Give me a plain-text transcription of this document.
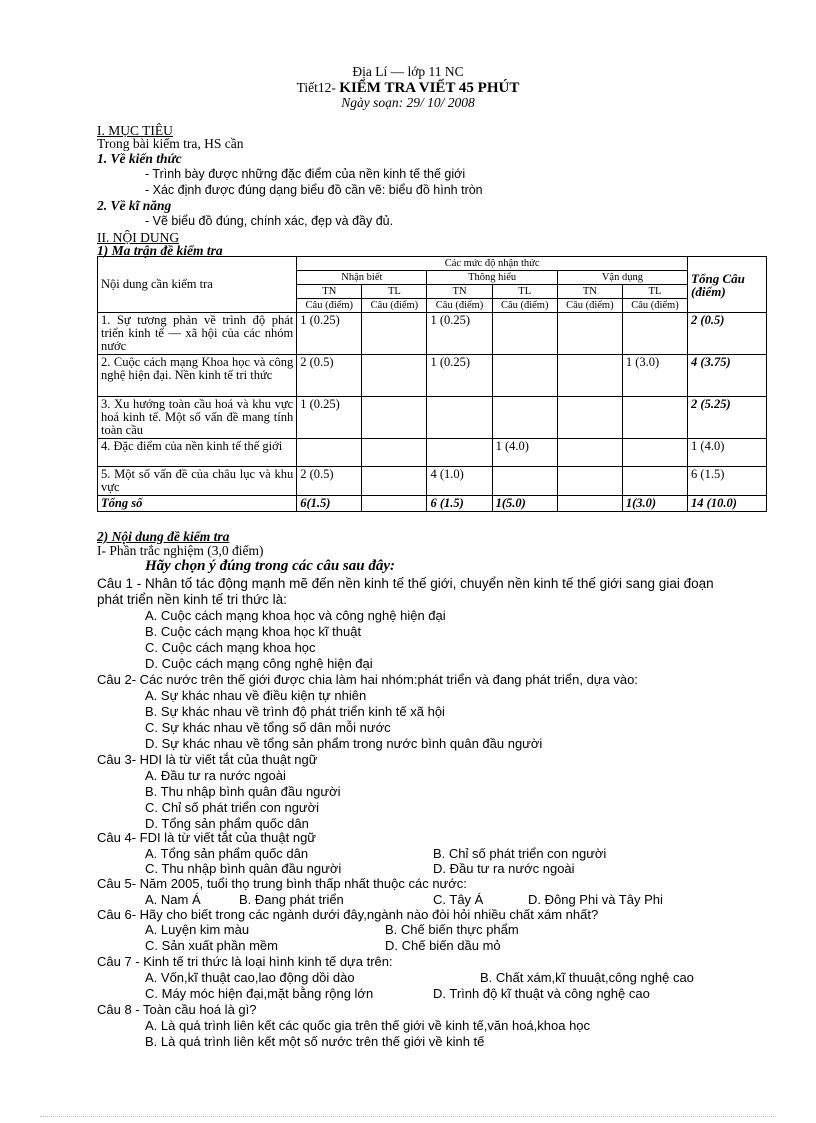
Địa Lí — lớp 11 NC
Tiết12- KIỂM TRA VIẾT 45 PHÚT
Ngày soạn: 29/ 10/ 2008
I. MỤC TIÊU
Trong bài kiểm tra, HS cần
1. Về kiến thức
- Trình bày được những đặc điểm của nền kinh tế thế giới
- Xác định được đúng dạng biểu đồ cần vẽ: biểu đồ hình tròn
2. Về kĩ năng
- Vẽ biểu đồ đúng, chính xác, đẹp và đầy đủ.
II. NỘI DUNG
1) Ma trận đề kiểm tra
Nội dung cần kiểm tra	Các mức độ nhận thức						Tổng Câu (điểm)
	Nhận biết		Thông hiểu		Vận dụng		
	TN	TL	TN	TL	TN	TL	
	Câu (điểm)	Câu (điểm)	Câu (điểm)	Câu (điểm)	Câu (điểm)	Câu (điểm)	
1. Sự tương phản về trình độ phát triển kinh tế — xã hội của các nhóm nước	1 (0.25)		1 (0.25)				2 (0.5)
2. Cuộc cách mạng Khoa học và công nghệ hiện đại. Nền kinh tế tri thức	2 (0.5)		1 (0.25)			1 (3.0)	4 (3.75)
3. Xu hướng toàn cầu hoá và khu vực hoá kinh tế. Một số vấn đề mang tính toàn cầu	1 (0.25)						2 (5.25)
4. Đặc điểm của nền kinh tế thế giới				1 (4.0)			1 (4.0)
5. Một số vấn đề của châu lục và khu vực	2 (0.5)		4 (1.0)				6 (1.5)
Tổng số	6(1.5)		6 (1.5)	1(5.0)		1(3.0)	14 (10.0)
2) Nội dung đề kiểm tra
I- Phần trắc nghiệm (3,0 điểm)
Hãy chọn ý đúng trong các câu sau đây:
Câu 1 - Nhân tố tác động mạnh mẽ đến nền kinh tế thế giới, chuyển nền kinh tế thế giới sang giai đoạn
phát triển nền kinh tế tri thức là:
A. Cuộc cách mạng khoa học và công nghệ hiện đại
B. Cuộc cách mạng khoa học kĩ thuật
C. Cuộc cách mạng khoa học
D. Cuộc cách mạng công nghệ hiện đại
Câu 2- Các nước trên thế giới được chia làm hai nhóm:phát triển và đang phát triển, dựa vào:
A. Sự khác nhau về điều kiện tự nhiên
B. Sự khác nhau về trình độ phát triển kinh tế xã hội
C. Sự khác nhau về tổng số dân mỗi nước
D. Sự khác nhau về tổng sản phẩm trong nước bình quân đầu người
Câu 3- HDI là từ viết tắt của thuật ngữ
A. Đầu tư ra nước ngoài
B. Thu nhập bình quân đầu người
C. Chỉ số phát triển con người
D. Tổng sản phẩm quốc dân
Câu 4- FDI là từ viết tắt của thuật ngữ
A. Tổng sản phẩm quốc dân	B. Chỉ số phát triển con người
C. Thu nhập bình quân đầu người	D. Đầu tư ra nước ngoài
Câu 5- Năm 2005, tuổi thọ trung bình thấp nhất thuộc các nước:
A. Nam Á	B. Đang phát triển	C. Tây Á	D. Đông Phi và Tây Phi
Câu 6- Hãy cho biết trong các ngành dưới đây,ngành nào đòi hỏi nhiều chất xám nhất?
A. Luyện kim màu	B. Chế biến thực phẩm
C. Sản xuất phần mềm	D. Chế biến dầu mỏ
Câu 7 - Kinh tế tri thức là loại hình kinh tế dựa trên:
A. Vốn,kĩ thuật cao,lao động dồi dào	B. Chất xám,kĩ thuuật,công nghệ cao
C. Máy móc hiện đại,mặt bằng rộng lớn	D. Trình độ kĩ thuật và công nghệ cao
Câu 8 - Toàn cầu hoá là gì?
A. Là quá trình liên kết các quốc gia trên thế giới về kinh tế,văn hoá,khoa học
B. Là quá trình liên kết một số nước trên thế giới về kinh tế
